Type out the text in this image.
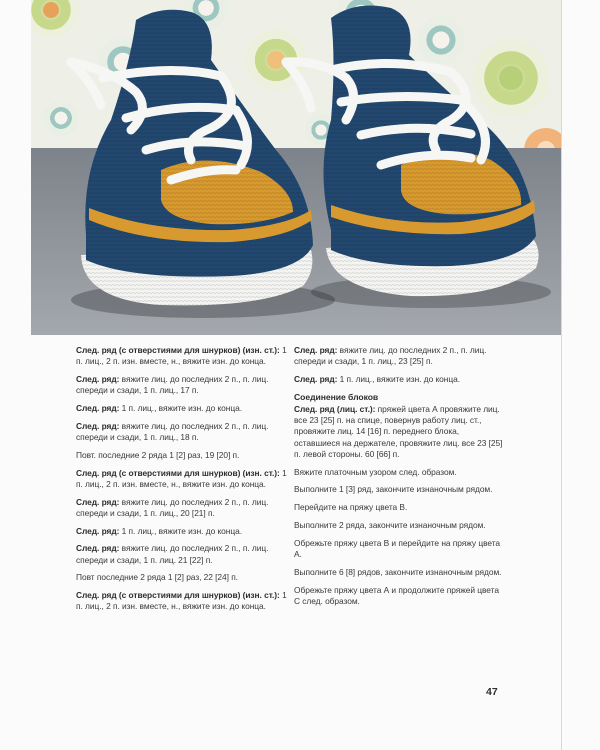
След. ряд (с отверстиями для шнурков) (изн. ст.): 1 п. лиц., 2 п. изн. вместе, н., вяжите изн. до конца.

След. ряд: вяжите лиц. до последних 2 п., п. лиц. спереди и сзади, 1 п. лиц., 17 п.

След. ряд: 1 п. лиц., вяжите изн. до конца.

След. ряд: вяжите лиц. до последних 2 п., п. лиц. спереди и сзади, 1 п. лиц., 18 п.

Повт. последние 2 ряда 1 [2] раз, 19 [20] п.

След. ряд (с отверстиями для шнурков) (изн. ст.): 1 п. лиц., 2 п. изн. вместе, н., вяжите изн. до конца.

След. ряд: вяжите лиц. до последних 2 п., п. лиц. спереди и сзади, 1 п. лиц., 20 [21] п.

След. ряд: 1 п. лиц., вяжите изн. до конца.

След. ряд: вяжите лиц. до последних 2 п., п. лиц. спереди и сзади, 1 п. лиц. 21 [22] п.

Повт последние 2 ряда 1 [2] раз, 22 [24] п.

След. ряд (с отверстиями для шнурков) (изн. ст.): 1 п. лиц., 2 п. изн. вместе, н., вяжите изн. до конца.

След. ряд: вяжите лиц. до последних 2 п., п. лиц. спереди и сзади, 1 п. лиц., 23 [25] п.

След. ряд: 1 п. лиц., вяжите изн. до конца.

Соединение блоков

След. ряд (лиц. ст.): пряжей цвета А провяжите лиц. все 23 [25] п. на спице, повернув работу лиц. ст., провяжите лиц. 14 [16] п. переднего блока, оставшиеся на держателе, провяжите лиц. все 23 [25] п. левой стороны. 60 [66] п.

Вяжите платочным узором след. образом.

Выполните 1 [3] ряд, закончите изнаночным рядом.

Перейдите на пряжу цвета В.

Выполните 2 ряда, закончите изнаночным рядом.

Обрежьте пряжу цвета В и перейдите на пряжу цвета А.

Выполните 6 [8] рядов, закончите изнаночным рядом.

Обрежьте пряжу цвета А и продолжите пряжей цвета С след. образом.

47
